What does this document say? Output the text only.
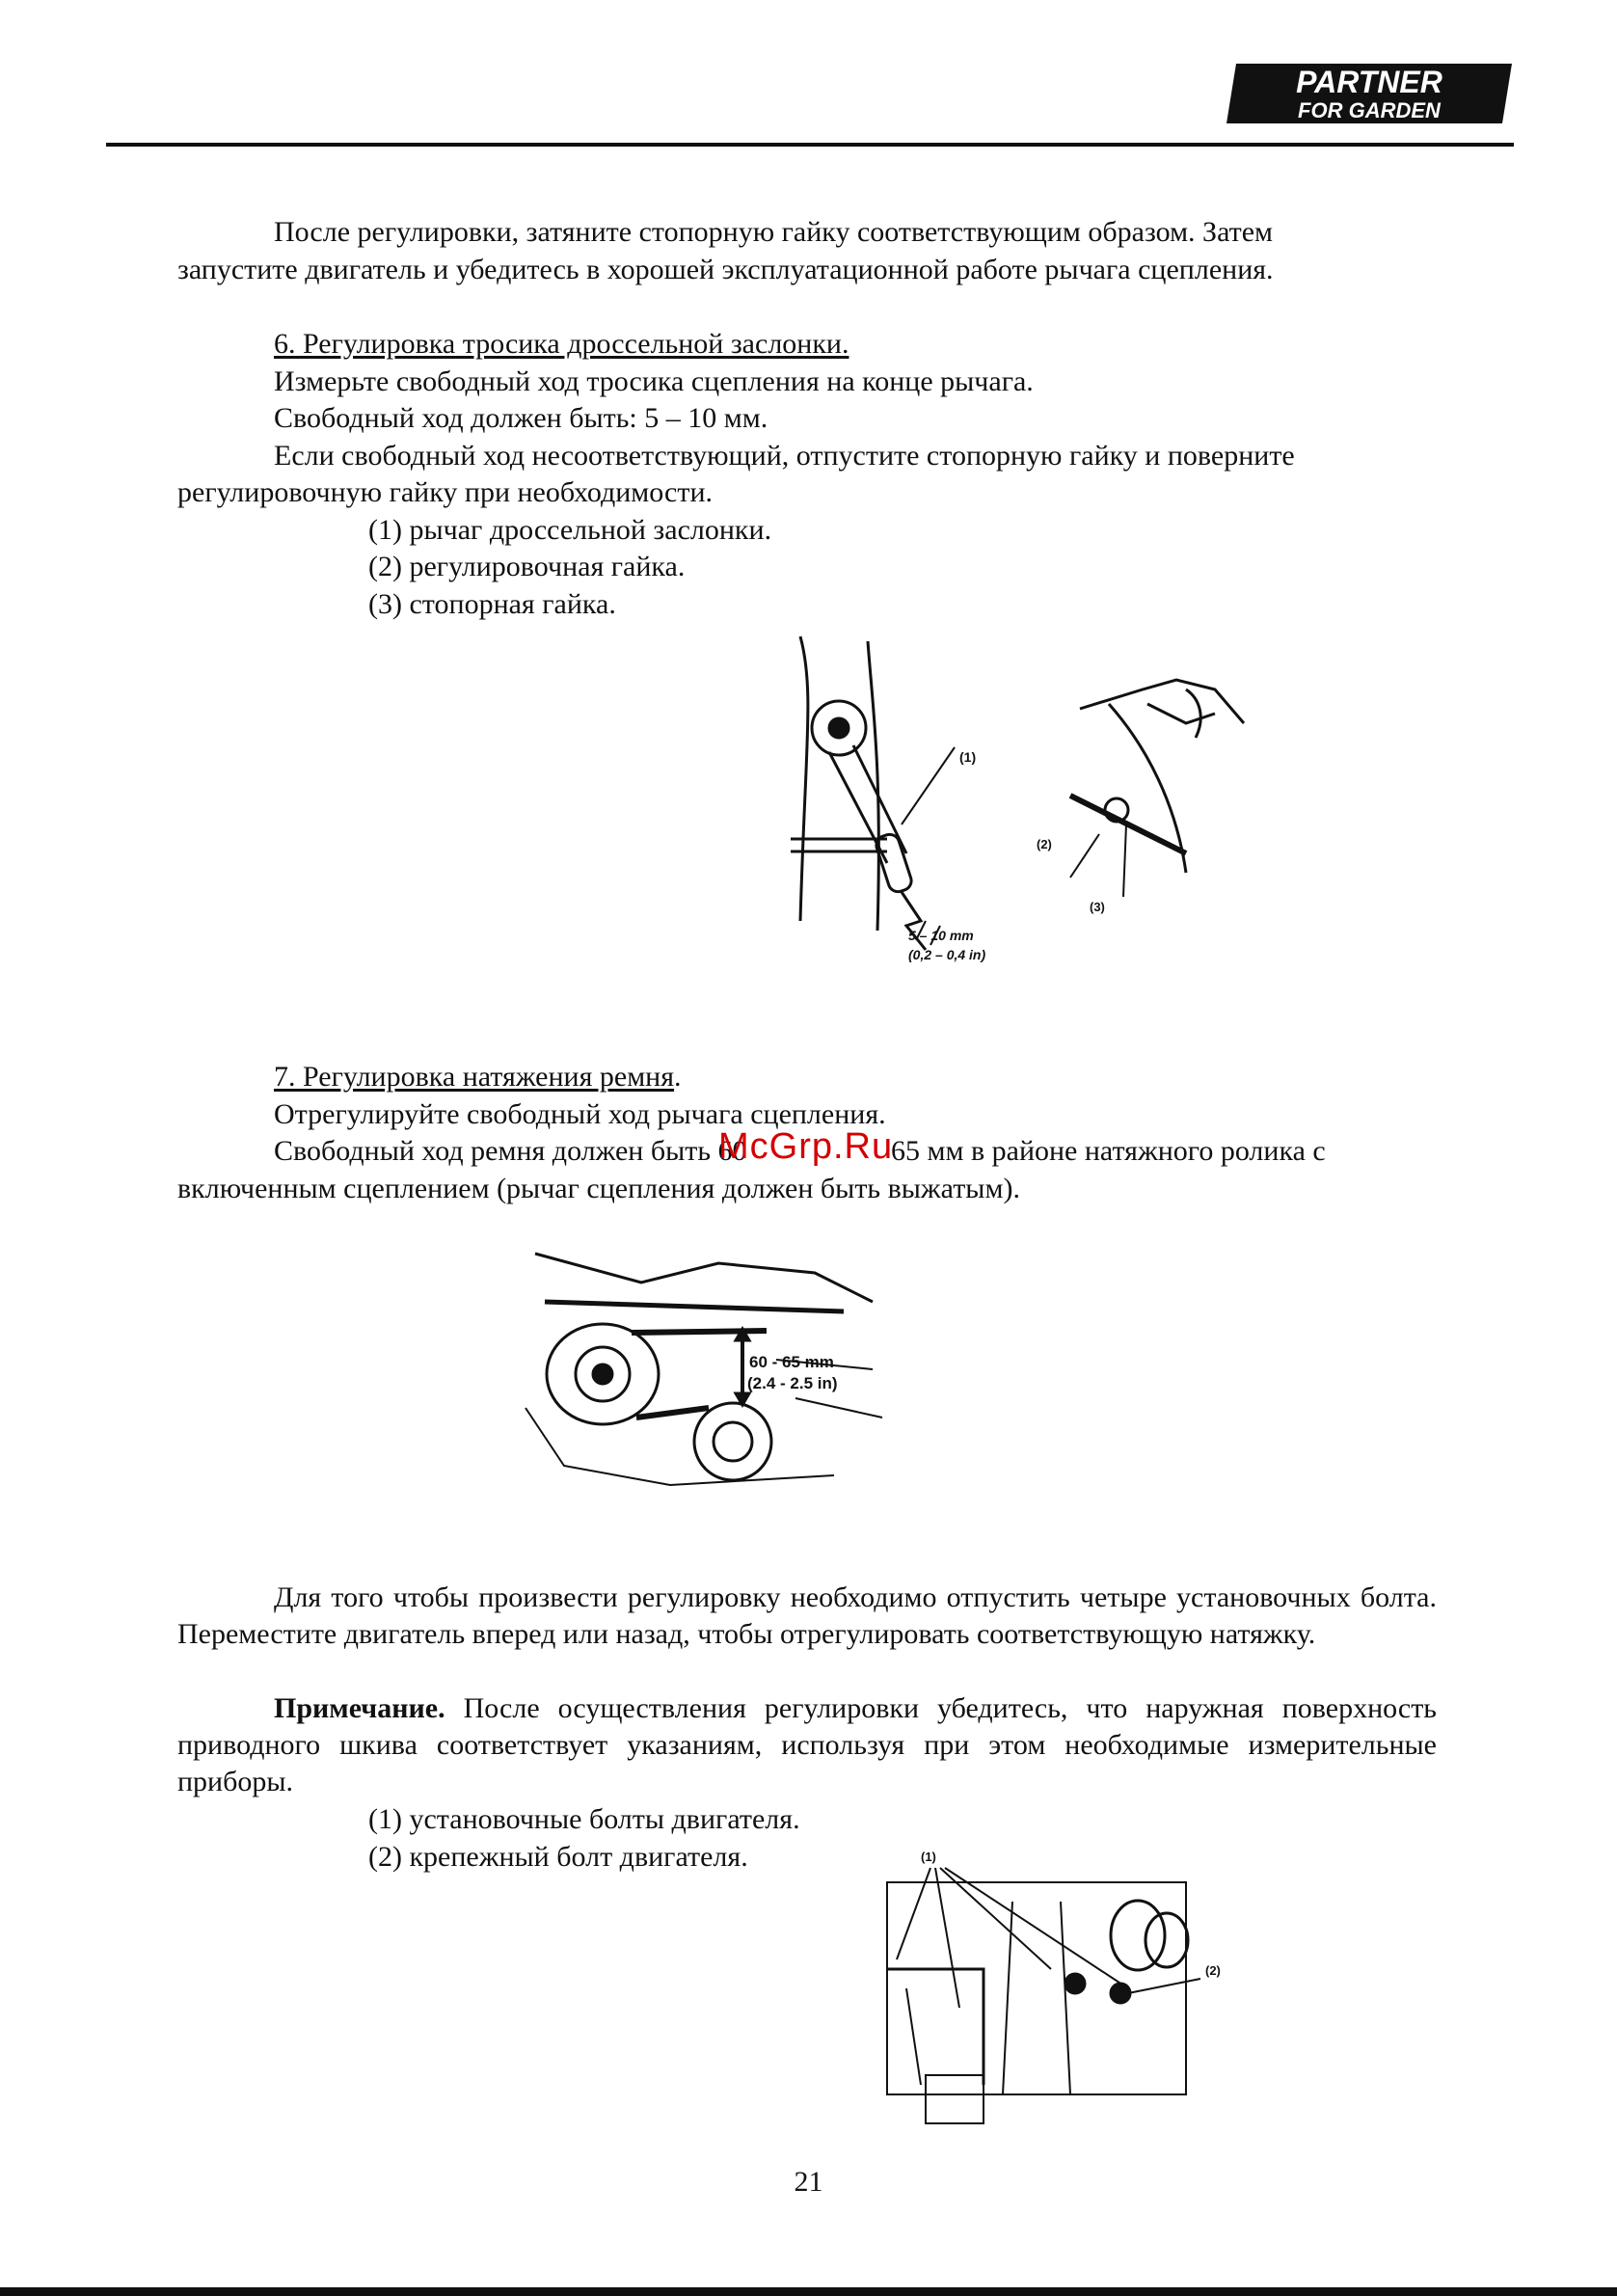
PARTNER
FOR GARDEN
После регулировки, затяните стопорную гайку соответствующим образом. Затем
запустите двигатель и убедитесь в хорошей эксплуатационной работе рычага сцепления.
6. Регулировка тросика дроссельной заслонки.
Измерьте свободный ход тросика сцепления на конце рычага.
Свободный ход должен быть: 5 – 10 мм.
Если свободный ход несоответствующий, отпустите стопорную гайку и поверните
регулировочную гайку при необходимости.
(1) рычаг дроссельной заслонки.
(2) регулировочная гайка.
(3) стопорная гайка.
(1)
5 – 10 mm
(0,2 – 0,4 in)
(2)
(3)
7. Регулировка натяжения ремня.
Отрегулируйте свободный ход рычага сцепления.
Свободный ход ремня должен быть 60	65 мм в районе натяжного ролика с
McGrp.Ru
включенным сцеплением (рычаг сцепления должен быть выжатым).
60 - 65 mm
(2.4 - 2.5 in)
Для того чтобы произвести регулировку необходимо отпустить четыре установочных болта. Переместите двигатель вперед или назад, чтобы отрегулировать соответствующую натяжку.
Примечание. После осуществления регулировки убедитесь, что наружная поверхность приводного шкива соответствует указаниям, используя при этом необходимые измерительные приборы.
(1) установочные болты двигателя.
(2) крепежный болт двигателя.	(1)
(2)
21
